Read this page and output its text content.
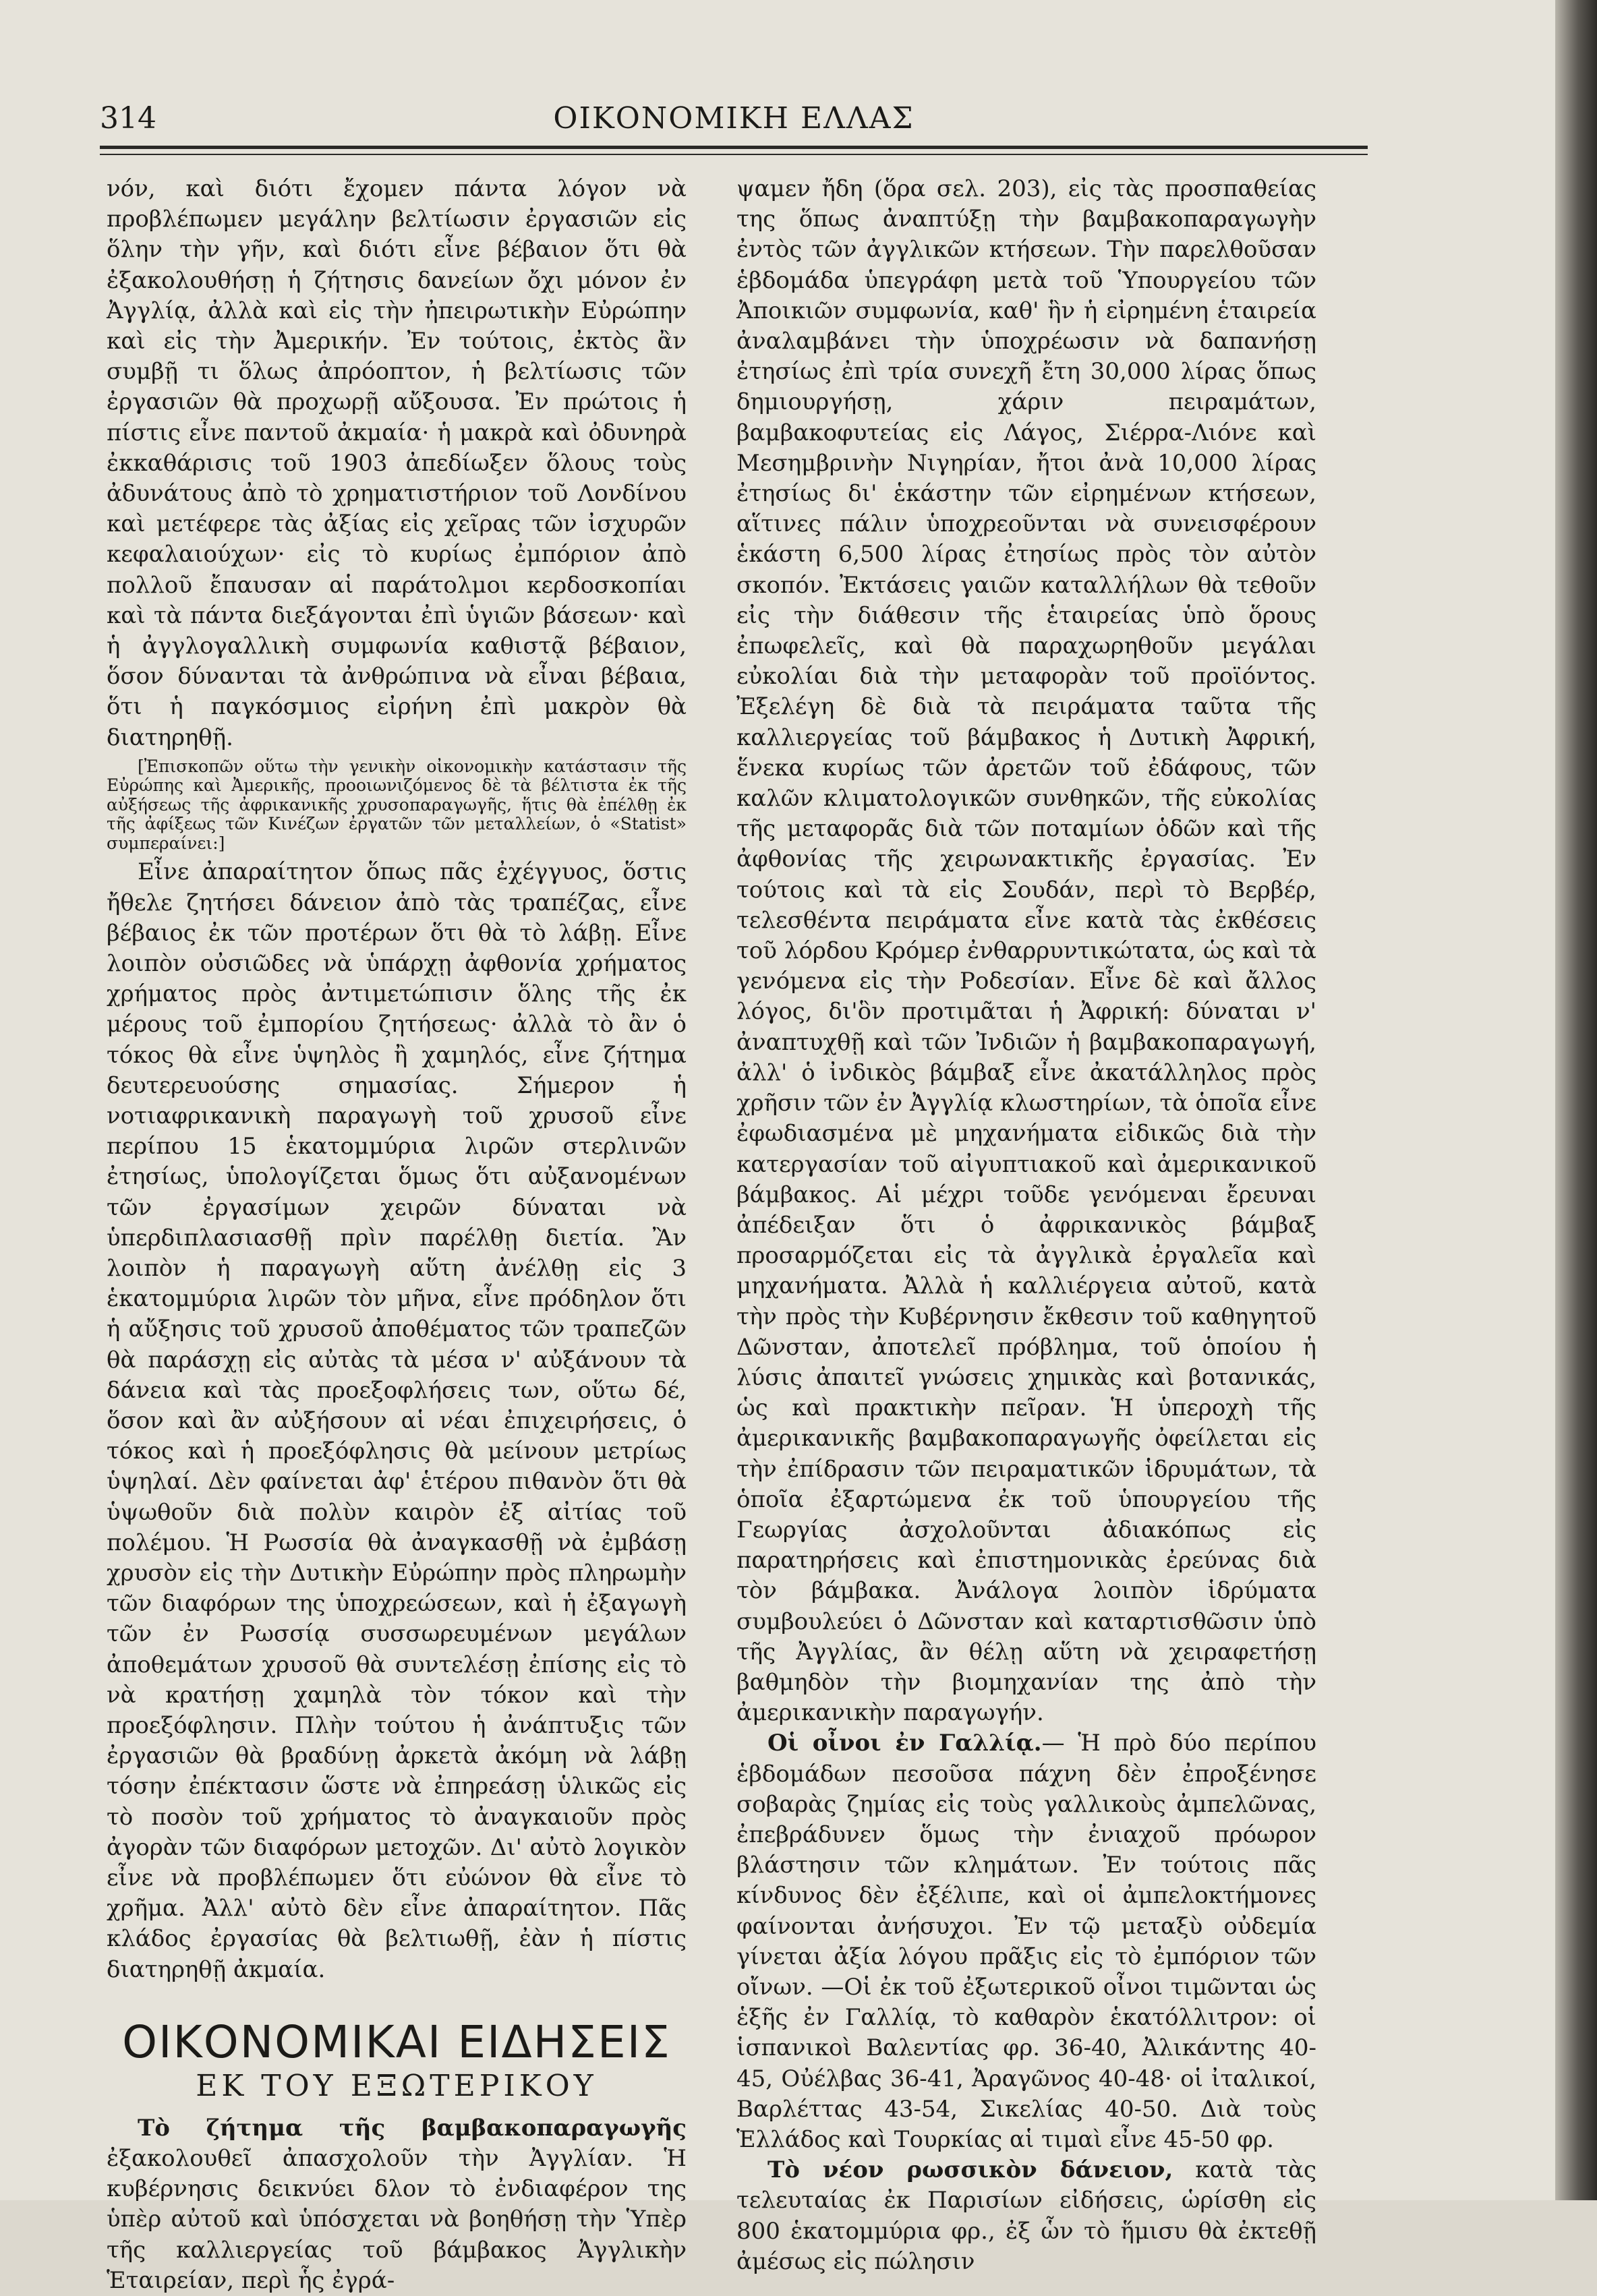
314	ΟΙΚΟΝΟΜΙΚΗ ΕΛΛΑΣ

νόν, καὶ διότι ἔχομεν πάντα λόγον νὰ προβλέπωμεν μεγάλην βελτίωσιν ἐργασιῶν εἰς ὅλην τὴν γῆν, καὶ διότι εἶνε βέβαιον ὅτι θὰ ἐξακολουθήσῃ ἡ ζήτησις δανείων ὄχι μόνον ἐν Ἀγγλίᾳ, ἀλλὰ καὶ εἰς τὴν ἠπειρωτικὴν Εὐρώπην καὶ εἰς τὴν Ἀμερικήν. Ἐν τούτοις, ἐκτὸς ἂν συμβῇ τι ὅλως ἀπρόοπτον, ἡ βελτίωσις τῶν ἐργασιῶν θὰ προχωρῇ αὔξουσα. Ἐν πρώτοις ἡ πίστις εἶνε παντοῦ ἀκμαία· ἡ μακρὰ καὶ ὀδυνηρὰ ἐκκαθάρισις τοῦ 1903 ἀπεδίωξεν ὅλους τοὺς ἀδυνάτους ἀπὸ τὸ χρηματιστήριον τοῦ Λονδίνου καὶ μετέφερε τὰς ἀξίας εἰς χεῖρας τῶν ἰσχυρῶν κεφαλαιούχων· εἰς τὸ κυρίως ἐμπόριον ἀπὸ πολλοῦ ἔπαυσαν αἱ παράτολμοι κερδοσκοπίαι καὶ τὰ πάντα διεξάγονται ἐπὶ ὑγιῶν βάσεων· καὶ ἡ ἀγγλογαλλικὴ συμφωνία καθιστᾷ βέβαιον, ὅσον δύνανται τὰ ἀνθρώπινα νὰ εἶναι βέβαια, ὅτι ἡ παγκόσμιος εἰρήνη ἐπὶ μακρὸν θὰ διατηρηθῇ.

[Ἐπισκοπῶν οὕτω τὴν γενικὴν οἰκονομικὴν κατάστασιν τῆς Εὐρώπης καὶ Ἀμερικῆς, προοιωνιζόμενος δὲ τὰ βέλτιστα ἐκ τῆς αὐξήσεως τῆς ἀφρικανικῆς χρυσοπαραγωγῆς, ἥτις θὰ ἐπέλθῃ ἐκ τῆς ἀφίξεως τῶν Κινέζων ἐργατῶν τῶν μεταλλείων, ὁ «Statist» συμπεραίνει:]

Εἶνε ἀπαραίτητον ὅπως πᾶς ἐχέγγυος, ὅστις ἤθελε ζητήσει δάνειον ἀπὸ τὰς τραπέζας, εἶνε βέβαιος ἐκ τῶν προτέρων ὅτι θὰ τὸ λάβῃ. Εἶνε λοιπὸν οὐσιῶδες νὰ ὑπάρχῃ ἀφθονία χρήματος χρήματος πρὸς ἀντιμετώπισιν ὅλης τῆς ἐκ μέρους τοῦ ἐμπορίου ζητήσεως· ἀλλὰ τὸ ἂν ὁ τόκος θὰ εἶνε ὑψηλὸς ἢ χαμηλός, εἶνε ζήτημα δευτερευούσης σημασίας. Σήμερον ἡ νοτιαφρικανικὴ παραγωγὴ τοῦ χρυσοῦ εἶνε περίπου 15 ἑκατομμύρια λιρῶν στερλινῶν ἐτησίως, ὑπολογίζεται ὅμως ὅτι αὐξανομένων τῶν ἐργασίμων χειρῶν δύναται νὰ ὑπερδιπλασιασθῇ πρὶν παρέλθῃ διετία. Ἂν λοιπὸν ἡ παραγωγὴ αὕτη ἀνέλθῃ εἰς 3 ἑκατομμύρια λιρῶν τὸν μῆνα, εἶνε πρόδηλον ὅτι ἡ αὔξησις τοῦ χρυσοῦ ἀποθέματος τῶν τραπεζῶν θὰ παράσχῃ εἰς αὐτὰς τὰ μέσα ν' αὐξάνουν τὰ δάνεια καὶ τὰς προεξοφλήσεις των, οὕτω δέ, ὅσον καὶ ἂν αὐξήσουν αἱ νέαι ἐπιχειρήσεις, ὁ τόκος καὶ ἡ προεξόφλησις θὰ μείνουν μετρίως ὑψηλαί. Δὲν φαίνεται ἀφ' ἑτέρου πιθανὸν ὅτι θὰ ὑψωθοῦν διὰ πολὺν καιρὸν ἐξ αἰτίας τοῦ πολέμου. Ἡ Ρωσσία θὰ ἀναγκασθῇ νὰ ἐμβάσῃ χρυσὸν εἰς τὴν Δυτικὴν Εὐρώπην πρὸς πληρωμὴν τῶν διαφόρων της ὑποχρεώσεων, καὶ ἡ ἐξαγωγὴ τῶν ἐν Ρωσσίᾳ συσσωρευμένων μεγάλων ἀποθεμάτων χρυσοῦ θὰ συντελέσῃ ἐπίσης εἰς τὸ νὰ κρατήσῃ χαμηλὰ τὸν τόκον καὶ τὴν προεξόφλησιν. Πλὴν τούτου ἡ ἀνάπτυξις τῶν ἐργασιῶν θὰ βραδύνῃ ἀρκετὰ ἀκόμη νὰ λάβῃ τόσην ἐπέκτασιν ὥστε νὰ ἐπηρεάσῃ ὑλικῶς εἰς τὸ ποσὸν τοῦ χρήματος τὸ ἀναγκαιοῦν πρὸς ἀγορὰν τῶν διαφόρων μετοχῶν. Δι' αὐτὸ λογικὸν εἶνε νὰ προβλέπωμεν ὅτι εὐώνον θὰ εἶνε τὸ χρῆμα. Ἀλλ' αὐτὸ δὲν εἶνε ἀπαραίτητον. Πᾶς κλάδος ἐργασίας θὰ βελτιωθῇ, ἐὰν ἡ πίστις διατηρηθῇ ἀκμαία.

ΟΙΚΟΝΟΜΙΚΑΙ ΕΙΔΗΣΕΙΣ

ΕΚ ΤΟΥ ΕΞΩΤΕΡΙΚΟΥ

Τὸ ζήτημα τῆς βαμβακοπαραγωγῆς ἐξακολουθεῖ ἀπασχολοῦν τὴν Ἀγγλίαν. Ἡ κυβέρνησις δεικνύει δλον τὸ ἐνδιαφέρον της ὑπὲρ αὐτοῦ καὶ ὑπόσχεται νὰ βοηθήσῃ τὴν Ὑπὲρ τῆς καλλιεργείας τοῦ βάμβακος Ἀγγλικὴν Ἑταιρείαν, περὶ ἧς ἐγρά-

ψαμεν ἤδη (ὅρα σελ. 203), εἰς τὰς προσπαθείας της ὅπως ἀναπτύξῃ τὴν βαμβακοπαραγωγὴν ἐντὸς τῶν ἀγγλικῶν κτήσεων. Τὴν παρελθοῦσαν ἑβδομάδα ὑπεγράφη μετὰ τοῦ Ὑπουργείου τῶν Ἀποικιῶν συμφωνία, καθ' ἣν ἡ εἰρημένη ἑταιρεία ἀναλαμβάνει τὴν ὑποχρέωσιν νὰ δαπανήσῃ ἐτησίως ἐπὶ τρία συνεχῆ ἔτη 30,000 λίρας ὅπως δημιουργήσῃ, χάριν πειραμάτων, βαμβακοφυτείας εἰς Λάγος, Σιέρρα-Λιόνε καὶ Μεσημβρινὴν Νιγηρίαν, ἤτοι ἀνὰ 10,000 λίρας ἐτησίως δι' ἑκάστην τῶν εἰρημένων κτήσεων, αἵτινες πάλιν ὑποχρεοῦνται νὰ συνεισφέρουν ἑκάστη 6,500 λίρας ἐτησίως πρὸς τὸν αὐτὸν σκοπόν. Ἐκτάσεις γαιῶν καταλλήλων θὰ τεθοῦν εἰς τὴν διάθεσιν τῆς ἑταιρείας ὑπὸ ὅρους ἐπωφελεῖς, καὶ θὰ παραχωρηθοῦν μεγάλαι εὐκολίαι διὰ τὴν μεταφορὰν τοῦ προϊόντος. Ἐξελέγη δὲ διὰ τὰ πειράματα ταῦτα τῆς καλλιεργείας τοῦ βάμβακος ἡ Δυτικὴ Ἀφρική, ἕνεκα κυρίως τῶν ἀρετῶν τοῦ ἐδάφους, τῶν καλῶν κλιματολογικῶν συνθηκῶν, τῆς εὐκολίας τῆς μεταφορᾶς διὰ τῶν ποταμίων ὁδῶν καὶ τῆς ἀφθονίας τῆς χειρωνακτικῆς ἐργασίας. Ἐν τούτοις καὶ τὰ εἰς Σουδάν, περὶ τὸ Βερβέρ, τελεσθέντα πειράματα εἶνε κατὰ τὰς ἐκθέσεις τοῦ λόρδου Κρόμερ ἐνθαρρυντικώτατα, ὡς καὶ τὰ γενόμενα εἰς τὴν Ροδεσίαν. Εἶνε δὲ καὶ ἄλλος λόγος, δι'ὃν προτιμᾶται ἡ Ἀφρική: δύναται ν' ἀναπτυχθῇ καὶ τῶν Ἰνδιῶν ἡ βαμβακοπαραγωγή, ἀλλ' ὁ ἰνδικὸς βάμβαξ εἶνε ἀκατάλληλος πρὸς χρῆσιν τῶν ἐν Ἀγγλίᾳ κλωστηρίων, τὰ ὁποῖα εἶνε ἐφωδιασμένα μὲ μηχανήματα εἰδικῶς διὰ τὴν κατεργασίαν τοῦ αἰγυπτιακοῦ καὶ ἀμερικανικοῦ βάμβακος. Αἱ μέχρι τοῦδε γενόμεναι ἔρευναι ἀπέδειξαν ὅτι ὁ ἀφρικανικὸς βάμβαξ προσαρμόζεται εἰς τὰ ἀγγλικὰ ἐργαλεῖα καὶ μηχανήματα. Ἀλλὰ ἡ καλλιέργεια αὐτοῦ, κατὰ τὴν πρὸς τὴν Κυβέρνησιν ἔκθεσιν τοῦ καθηγητοῦ Δῶνσταν, ἀποτελεῖ πρόβλημα, τοῦ ὁποίου ἡ λύσις ἀπαιτεῖ γνώσεις χημικὰς καὶ βοτανικάς, ὡς καὶ πρακτικὴν πεῖραν. Ἡ ὑπεροχὴ τῆς ἀμερικανικῆς βαμβακοπαραγωγῆς ὀφείλεται εἰς τὴν ἐπίδρασιν τῶν πειραματικῶν ἱδρυμάτων, τὰ ὁποῖα ἐξαρτώμενα ἐκ τοῦ ὑπουργείου τῆς Γεωργίας ἀσχολοῦνται ἀδιακόπως εἰς παρατηρήσεις καὶ ἐπιστημονικὰς ἐρεύνας διὰ τὸν βάμβακα. Ἀνάλογα λοιπὸν ἱδρύματα συμβουλεύει ὁ Δῶνσταν καὶ καταρτισθῶσιν ὑπὸ τῆς Ἀγγλίας, ἂν θέλῃ αὕτη νὰ χειραφετήσῃ βαθμηδὸν τὴν βιομηχανίαν της ἀπὸ τὴν ἀμερικανικὴν παραγωγήν.

Οἱ οἶνοι ἐν Γαλλίᾳ.— Ἡ πρὸ δύο περίπου ἑβδομάδων πεσοῦσα πάχνη δὲν ἐπροξένησε σοβαρὰς ζημίας εἰς τοὺς γαλλικοὺς ἀμπελῶνας, ἐπεβράδυνεν ὅμως τὴν ἐνιαχοῦ πρόωρον βλάστησιν τῶν κλημάτων. Ἐν τούτοις πᾶς κίνδυνος δὲν ἐξέλιπε, καὶ οἱ ἀμπελοκτήμονες φαίνονται ἀνήσυχοι. Ἐν τῷ μεταξὺ οὐδεμία γίνεται ἀξία λόγου πρᾶξις εἰς τὸ ἐμπόριον τῶν οἴνων. —Οἱ ἐκ τοῦ ἐξωτερικοῦ οἶνοι τιμῶνται ὡς ἑξῆς ἐν Γαλλίᾳ, τὸ καθαρὸν ἑκατόλλιτρον: οἱ ἱσπανικοὶ Βαλεντίας φρ. 36-40, Ἀλικάντης 40-45, Οὐέλβας 36-41, Ἀραγῶνος 40-48· οἱ ἰταλικοί, Βαρλέττας 43-54, Σικελίας 40-50. Διὰ τοὺς Ἑλλάδος καὶ Τουρκίας αἱ τιμαὶ εἶνε 45-50 φρ.

Τὸ νέον ρωσσικὸν δάνειον, κατὰ τὰς τελευταίας ἐκ Παρισίων εἰδήσεις, ὡρίσθη εἰς 800 ἑκατομμύρια φρ., ἐξ ὧν τὸ ἥμισυ θὰ ἐκτεθῇ ἀμέσως εἰς πώλησιν
